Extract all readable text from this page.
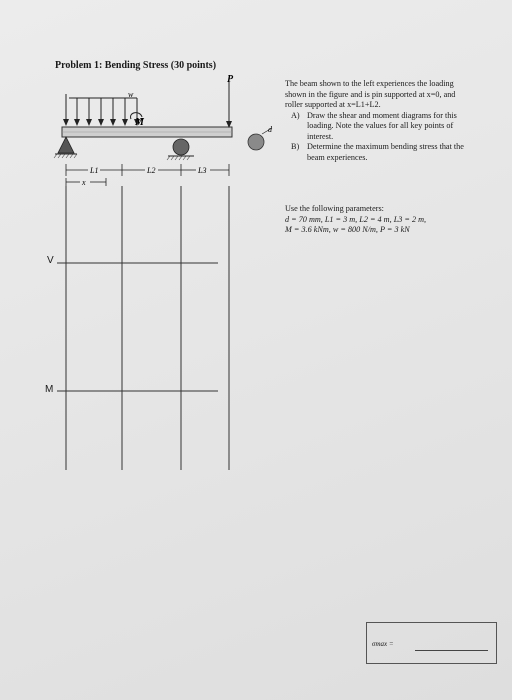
Problem 1: Bending Stress (30 points)

The beam shown to the left experiences the loading shown in the figure and is pin supported at x=0, and roller supported at x=L1+L2.

A) Draw the shear and moment diagrams for this loading. Note the values for all key points of interest.
B) Determine the maximum bending stress that the beam experiences.

Use the following parameters:

d = 70 mm, L1 = 3 m, L2 = 4 m, L3 = 2 m,

M = 3.6 kNm, w = 800 N/m, P = 3 kN

w
P
M
d
L1	L2	L3
x
V
M
σmax =
